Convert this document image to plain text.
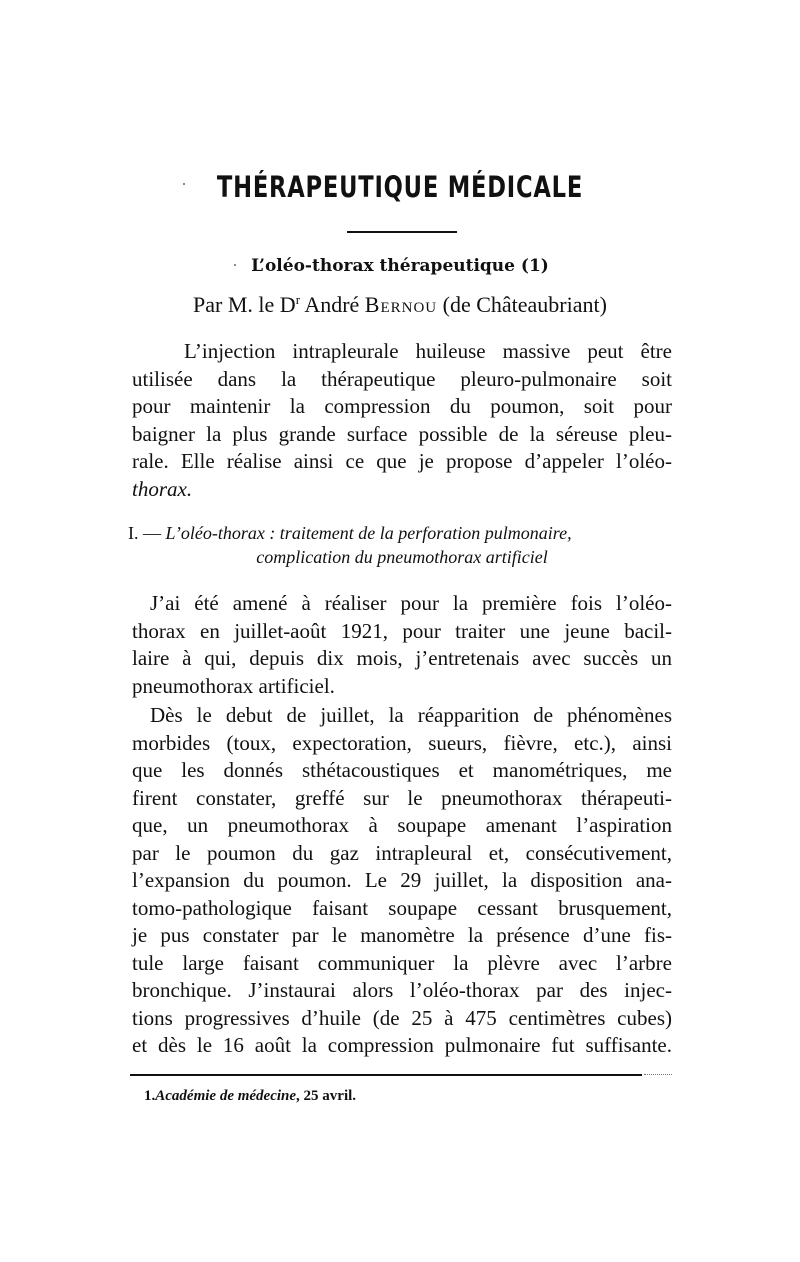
THÉRAPEUTIQUE MÉDICALE
L’oléo-thorax thérapeutique (1)
Par M. le $D^r$ André Bernou (de Châteaubriant)
L’injection intrapleurale huileuse massive peut être
utilisée dans la thérapeutique pleuro-pulmonaire soit
pour maintenir la compression du poumon, soit pour
baigner la plus grande surface possible de la séreuse pleu-
rale. Elle réalise ainsi ce que je propose d’appeler l’oléo-
thorax.
I. — L’oléo-thorax : traitement de la perforation pulmonaire,
complication du pneumothorax artificiel
J’ai été amené à réaliser pour la première fois l’oléo-
thorax en juillet-août 1921, pour traiter une jeune bacil-
laire à qui, depuis dix mois, j’entretenais avec succès un
pneumothorax artificiel.
Dès le debut de juillet, la réapparition de phénomènes
morbides (toux, expectoration, sueurs, fièvre, etc.), ainsi
que les donnés sthétacoustiques et manométriques, me
firent constater, greffé sur le pneumothorax thérapeuti-
que, un pneumothorax à soupape amenant l’aspiration
par le poumon du gaz intrapleural et, consécutivement,
l’expansion du poumon. Le 29 juillet, la disposition ana-
tomo-pathologique faisant soupape cessant brusquement,
je pus constater par le manomètre la présence d’une fis-
tule large faisant communiquer la plèvre avec l’arbre
bronchique. J’instaurai alors l’oléo-thorax par des injec-
tions progressives d’huile (de 25 à 475 centimètres cubes)
et dès le 16 août la compression pulmonaire fut suffisante.
1.Académie de médecine, 25 avril.
